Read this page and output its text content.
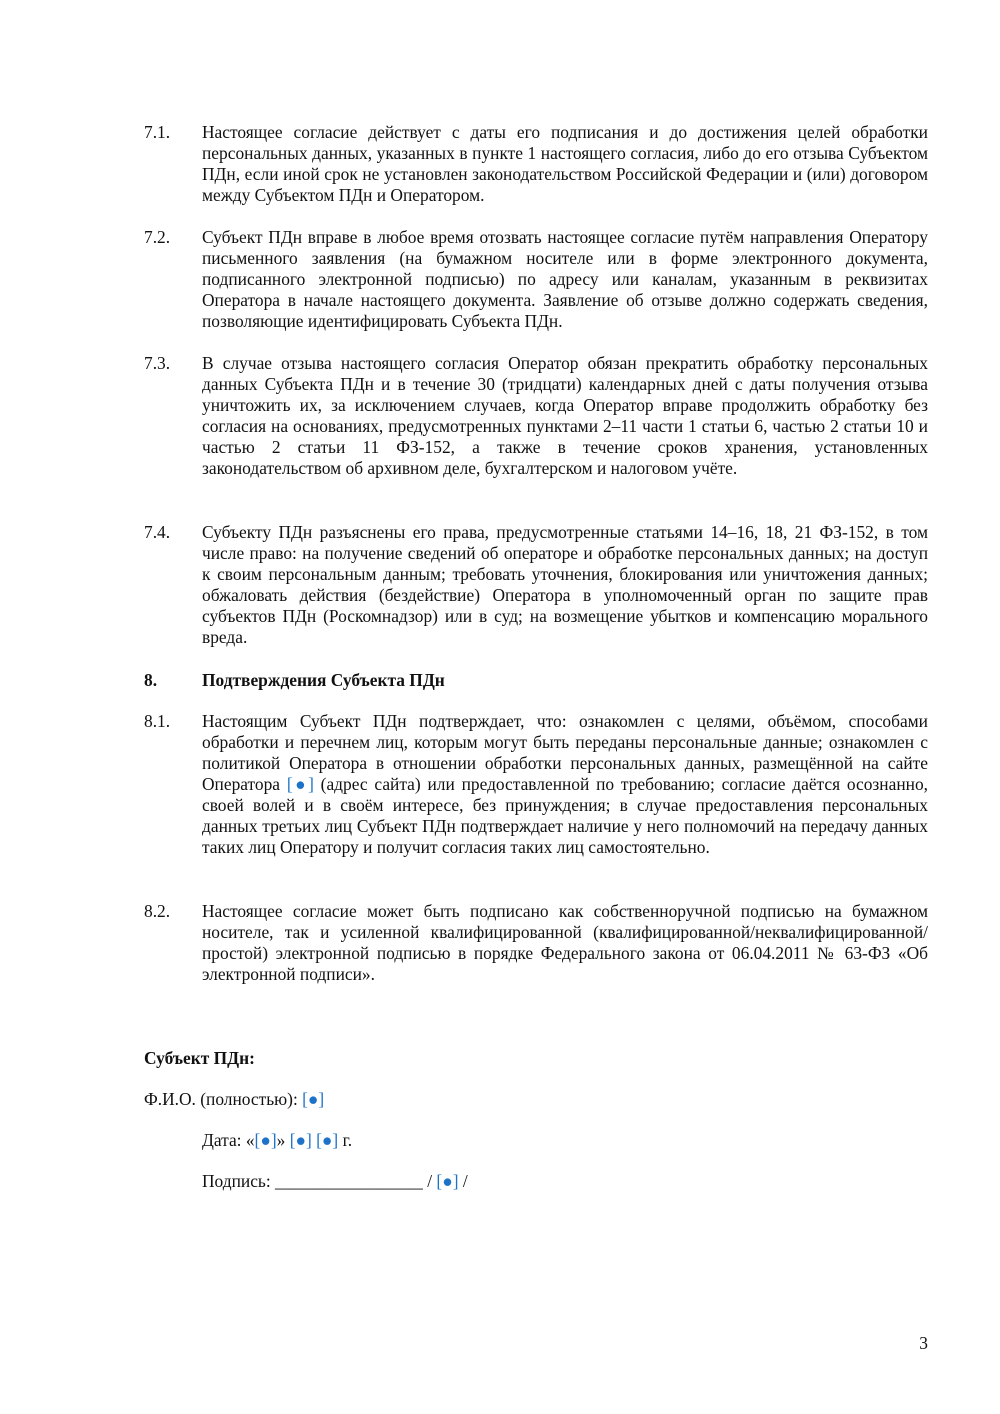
7.1.	Настоящее согласие действует с даты его подписания и до достижения целей обработки персональных данных, указанных в пункте 1 настоящего согласия, либо до его отзыва Субъектом ПДн, если иной срок не установлен законодательством Российской Федерации и (или) договором между Субъектом ПДн и Оператором.
7.2.	Субъект ПДн вправе в любое время отозвать настоящее согласие путём направления Оператору письменного заявления (на бумажном носителе или в форме электронного документа, подписанного электронной подписью) по адресу или каналам, указанным в реквизитах Оператора в начале настоящего документа. Заявление об отзыве должно содержать сведения, позволяющие идентифицировать Субъекта ПДн.
7.3.	В случае отзыва настоящего согласия Оператор обязан прекратить обработку персональных данных Субъекта ПДн и в течение 30 (тридцати) календарных дней с даты получения отзыва уничтожить их, за исключением случаев, когда Оператор вправе продолжить обработку без согласия на основаниях, предусмотренных пунктами 2–11 части 1 статьи 6, частью 2 статьи 10 и частью 2 статьи 11 ФЗ-152, а также в течение сроков хранения, установленных законодательством об архивном деле, бухгалтерском и налоговом учёте.
7.4.	Субъекту ПДн разъяснены его права, предусмотренные статьями 14–16, 18, 21 ФЗ-152, в том числе право: на получение сведений об операторе и обработке персональных данных; на доступ к своим персональным данным; требовать уточнения, блокирования или уничтожения данных; обжаловать действия (бездействие) Оператора в уполномоченный орган по защите прав субъектов ПДн (Роскомнадзор) или в суд; на возмещение убытков и компенсацию морального вреда.
8.	Подтверждения Субъекта ПДн
8.1.	Настоящим Субъект ПДн подтверждает, что: ознакомлен с целями, объёмом, способами обработки и перечнем лиц, которым могут быть переданы персональные данные; ознакомлен с политикой Оператора в отношении обработки персональных данных, размещённой на сайте Оператора [●] (адрес сайта) или предоставленной по требованию; согласие даётся осознанно, своей волей и в своём интересе, без принуждения; в случае предоставления персональных данных третьих лиц Субъект ПДн подтверждает наличие у него полномочий на передачу данных таких лиц Оператору и получит согласия таких лиц самостоятельно.
8.2.	Настоящее согласие может быть подписано как собственноручной подписью на бумажном носителе, так и усиленной квалифицированной (квалифицированной/неквалифицированной/простой) электронной подписью в порядке Федерального закона от 06.04.2011 № 63-ФЗ «Об электронной подписи».
Субъект ПДн:
Ф.И.О. (полностью): [●]
Дата: «[●]» [●] [●] г.
Подпись: _________________ / [●] /
3
